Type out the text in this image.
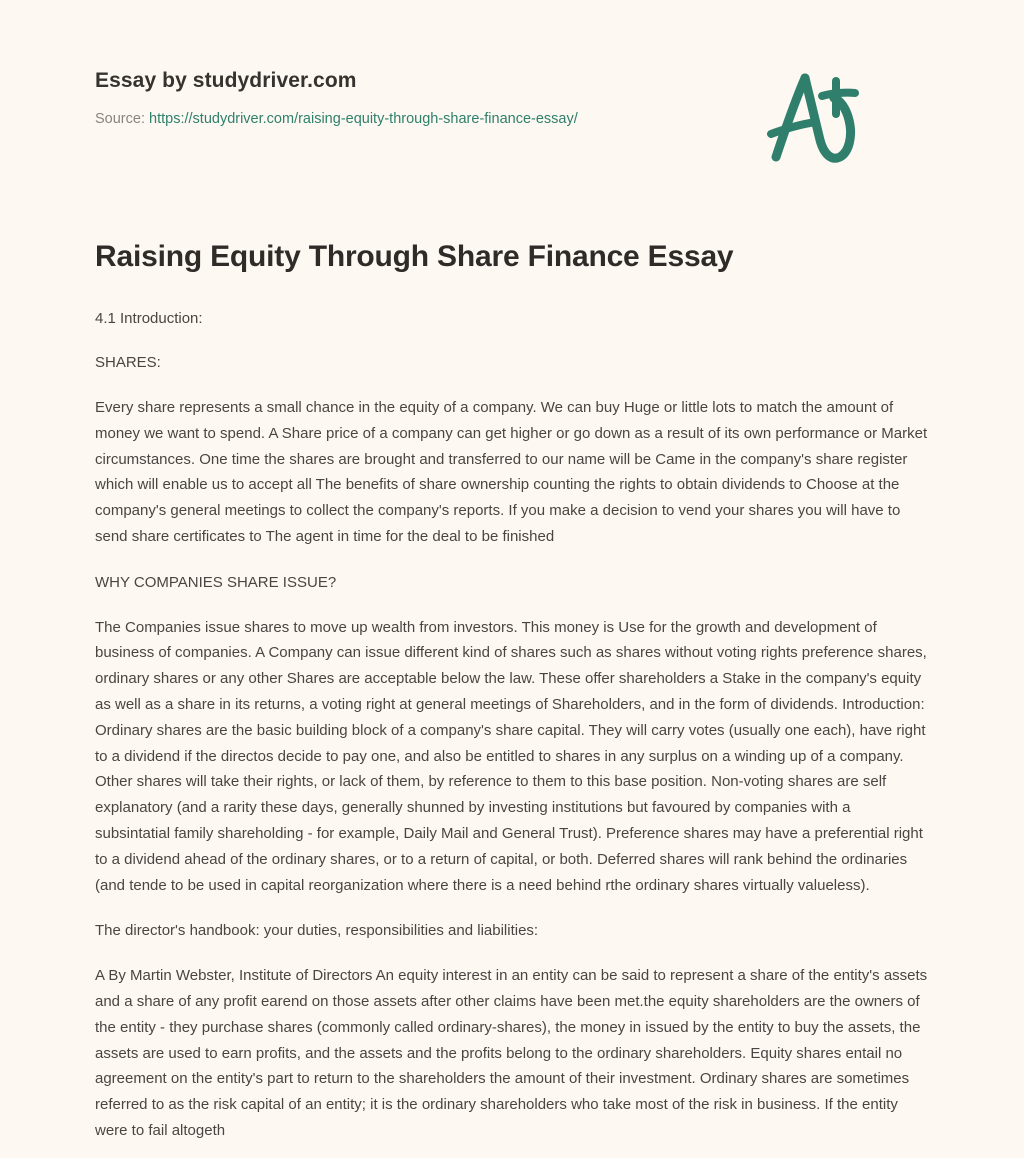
Essay by studydriver.com
Source: https://studydriver.com/raising-equity-through-share-finance-essay/
Raising Equity Through Share Finance Essay

4.1 Introduction:

SHARES:

Every share represents a small chance in the equity of a company. We can buy Huge or little lots to match the amount of money we want to spend. A Share price of a company can get higher or go down as a result of its own performance or Market circumstances. One time the shares are brought and transferred to our name will be Came in the company's share register which will enable us to accept all The benefits of share ownership counting the rights to obtain dividends to Choose at the company's general meetings to collect the company's reports. If you make a decision to vend your shares you will have to send share certificates to The agent in time for the deal to be finished

WHY COMPANIES SHARE ISSUE?

The Companies issue shares to move up wealth from investors. This money is Use for the growth and development of business of companies. A Company can issue different kind of shares such as shares without voting rights preference shares, ordinary shares or any other Shares are acceptable below the law. These offer shareholders a Stake in the company's equity as well as a share in its returns, a voting right at general meetings of Shareholders, and in the form of dividends. Introduction: Ordinary shares are the basic building block of a company's share capital. They will carry votes (usually one each), have right to a dividend if the directos decide to pay one, and also be entitled to shares in any surplus on a winding up of a company. Other shares will take their rights, or lack of them, by reference to them to this base position. Non-voting shares are self explanatory (and a rarity these days, generally shunned by investing institutions but favoured by companies with a subsintatial family shareholding - for example, Daily Mail and General Trust). Preference shares may have a preferential right to a dividend ahead of the ordinary shares, or to a return of capital, or both. Deferred shares will rank behind the ordinaries (and tende to be used in capital reorganization where there is a need behind rthe ordinary shares virtually valueless).

The director's handbook: your duties, responsibilities and liabilities:

A By Martin Webster, Institute of Directors An equity interest in an entity can be said to represent a share of the entity's assets and a share of any profit earend on those assets after other claims have been met.the equity shareholders are the owners of the entity - they purchase shares (commonly called ordinary-shares), the money in issued by the entity to buy the assets, the assets are used to earn profits, and the assets and the profits belong to the ordinary shareholders. Equity shares entail no agreement on the entity's part to return to the shareholders the amount of their investment. Ordinary shares are sometimes referred to as the risk capital of an entity; it is the ordinary shareholders who take most of the risk in business. If the entity were to fail altogeth
